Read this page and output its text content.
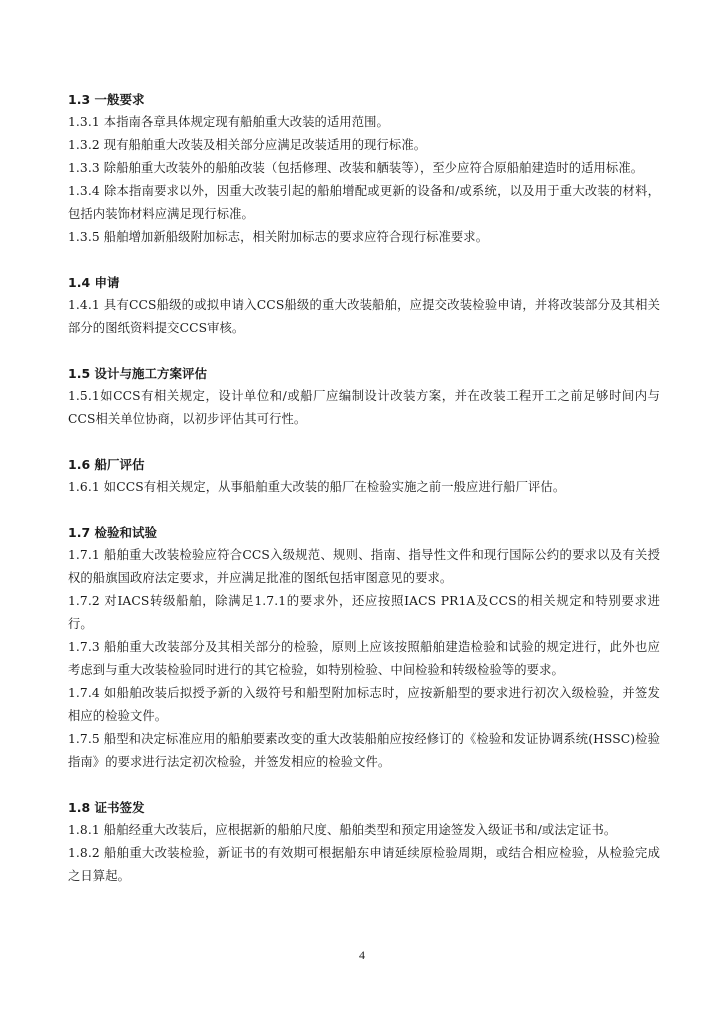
1.3 一般要求

1.3.1 本指南各章具体规定现有船舶重大改装的适用范围。

1.3.2 现有船舶重大改装及相关部分应满足改装适用的现行标准。

1.3.3 除船舶重大改装外的船舶改装（包括修理、改装和舾装等），至少应符合原船舶建造时的适用标准。

1.3.4 除本指南要求以外，因重大改装引起的船舶增配或更新的设备和/或系统，以及用于重大改装的材料，包括内装饰材料应满足现行标准。

1.3.5 船舶增加新船级附加标志，相关附加标志的要求应符合现行标准要求。

1.4 申请

1.4.1 具有CCS船级的或拟申请入CCS船级的重大改装船舶，应提交改装检验申请，并将改装部分及其相关部分的图纸资料提交CCS审核。

1.5 设计与施工方案评估

1.5.1如CCS有相关规定，设计单位和/或船厂应编制设计改装方案，并在改装工程开工之前足够时间内与CCS相关单位协商，以初步评估其可行性。

1.6 船厂评估

1.6.1 如CCS有相关规定，从事船舶重大改装的船厂在检验实施之前一般应进行船厂评估。

1.7 检验和试验

1.7.1 船舶重大改装检验应符合CCS入级规范、规则、指南、指导性文件和现行国际公约的要求以及有关授权的船旗国政府法定要求，并应满足批准的图纸包括审图意见的要求。

1.7.2 对IACS转级船舶，除满足1.7.1的要求外，还应按照IACS PR1A及CCS的相关规定和特别要求进行。

1.7.3 船舶重大改装部分及其相关部分的检验，原则上应该按照船舶建造检验和试验的规定进行，此外也应考虑到与重大改装检验同时进行的其它检验，如特别检验、中间检验和转级检验等的要求。

1.7.4 如船舶改装后拟授予新的入级符号和船型附加标志时，应按新船型的要求进行初次入级检验，并签发相应的检验文件。

1.7.5 船型和决定标准应用的船舶要素改变的重大改装船舶应按经修订的《检验和发证协调系统(HSSC)检验指南》的要求进行法定初次检验，并签发相应的检验文件。

1.8 证书签发

1.8.1 船舶经重大改装后，应根据新的船舶尺度、船舶类型和预定用途签发入级证书和/或法定证书。

1.8.2 船舶重大改装检验，新证书的有效期可根据船东申请延续原检验周期，或结合相应检验，从检验完成之日算起。

4
